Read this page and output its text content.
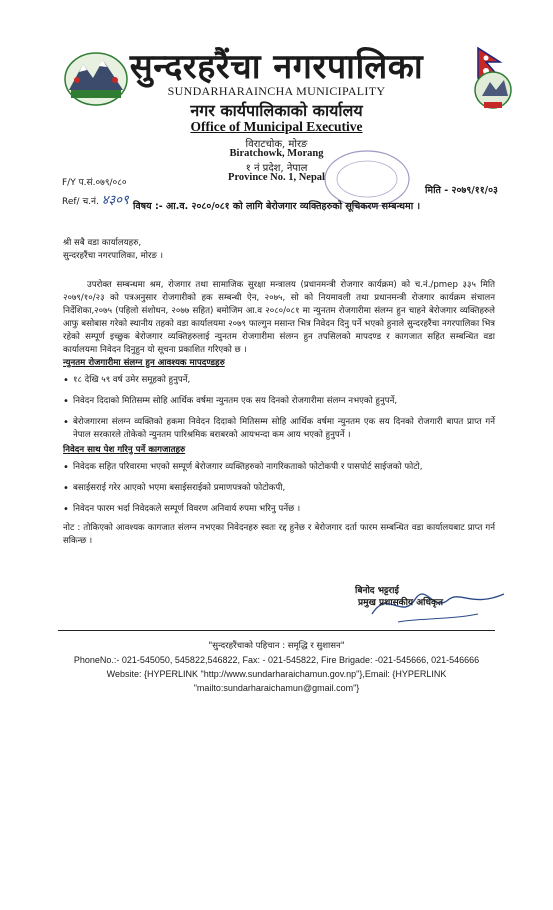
सुन्दरहरैंचा नगरपालिका
SUNDARHARAINCHA MUNICIPALITY
नगर कार्यपालिकाको कार्यालय
Office of Municipal Executive
विराटचोक, मोरङ
Biratchowk, Morang
१ नं प्रदेश, नेपाल
Province No. 1, Nepal
F/Y प.सं.०७९/०८०
Ref/ च.नं. ४३०९
मिति - २०७९/११/०३
विषय :- आ.व. २०८०/०८१ को लागि बेरोजगार व्यक्तिहरुको सूचिकरण सम्बन्धमा ।
श्री सबै वडा कार्यालयहरु,
सुन्दरहरैंचा नगरपालिका, मोरङ ।
उपरोक्त सम्बन्धमा श्रम, रोजगार तथा सामाजिक सुरक्षा मन्त्रालय (प्रधानमन्त्री रोजगार कार्यक्रम) को च.नं./pmep ३३५ मिति २०७९/१०/२३ को पत्रअनुसार रोजगारीको हक सम्बन्धी ऐन, २०७५, सो को नियमावली तथा प्रधानमन्त्री रोजगार कार्यक्रम संचालन निर्देशिका,२०७५ (पहिलो संशोधन, २०७७ सहित) बमोजिम आ.व २०८०/०८१ मा न्युनतम रोजगारीमा संलग्न हुन चाहने बेरोजगार व्यक्तिहरुले आफु बसोबास गरेको स्थानीय तहको वडा कार्यालयमा २०७९ फाल्गुन मसान्त भित्र निवेदन दिनु पर्ने भएको हुनाले सुन्दरहरैंचा नगरपालिका भित्र रहेको सम्पूर्ण इच्छुक बेरोजगार व्यक्तिहरुलाई न्युनतम रोजगारीमा संलग्न हुन तपसिलको मापदण्ड र कागजात सहित सम्बन्धित वडा कार्यालयमा निवेदन दिनुहुन यो सूचना प्रकाशित गरिएको छ ।
न्युनतम रोजगारीमा संलग्न हुन आवश्यक मापदण्डहरु
• १८ देखि ५९ वर्ष उमेर समूहको हुनुपर्ने,
• निवेदन दिदाको मितिसम्म सोहि आर्थिक वर्षमा न्युनतम एक सय दिनको रोजगारीमा संलग्न नभएको हुनुपर्ने,
• बेरोजगारमा संलग्न व्यक्तिको हकमा निवेदन दिदाको मितिसम्म सोहि आर्थिक वर्षमा न्युनतम एक सय दिनको रोजगारी बापत प्राप्त गर्ने नेपाल सरकारले तोकेको न्युनतम पारिश्रमिक बराबरको आयभन्दा कम आय भएको हुनुपर्ने ।
निवेदन साथ पेश गरिनु पर्ने कागजातहरु
• निवेदक सहित परिवारमा भएको सम्पूर्ण बेरोजगार व्यक्तिहरुको नागरिकताको फोटोकपी र पासपोर्ट साईजको फोटो,
• बसाईसराई गरेर आएको भएमा बसाईसराईको प्रमाणपत्रको फोटोकपी,
• निवेदन फारम भर्दा निवेदकले सम्पूर्ण विवरण अनिवार्य रुपमा भरिनु पर्नेछ ।
नोट : तोकिएको आवश्यक कागजात संलग्न नभएका निवेदनहरु स्वतः रद्द हुनेछ र बेरोजगार दर्ता फारम सम्बन्धित वडा कार्यालयबाट प्राप्त गर्न सकिन्छ ।
बिनोद भट्टराई
प्रमुख प्रशासकीय अधिकृत
"सुन्दरहरैंचाको पहिचान : समृद्धि र सुशासन"
PhoneNo.:- 021-545050, 545822,546822, Fax: - 021-545822, Fire Brigade: -021-545666, 021-546666
Website: {HYPERLINK "http://www.sundarharaichamun.gov.np"},Email: {HYPERLINK
"mailto:sundarharaichamun@gmail.com"}
